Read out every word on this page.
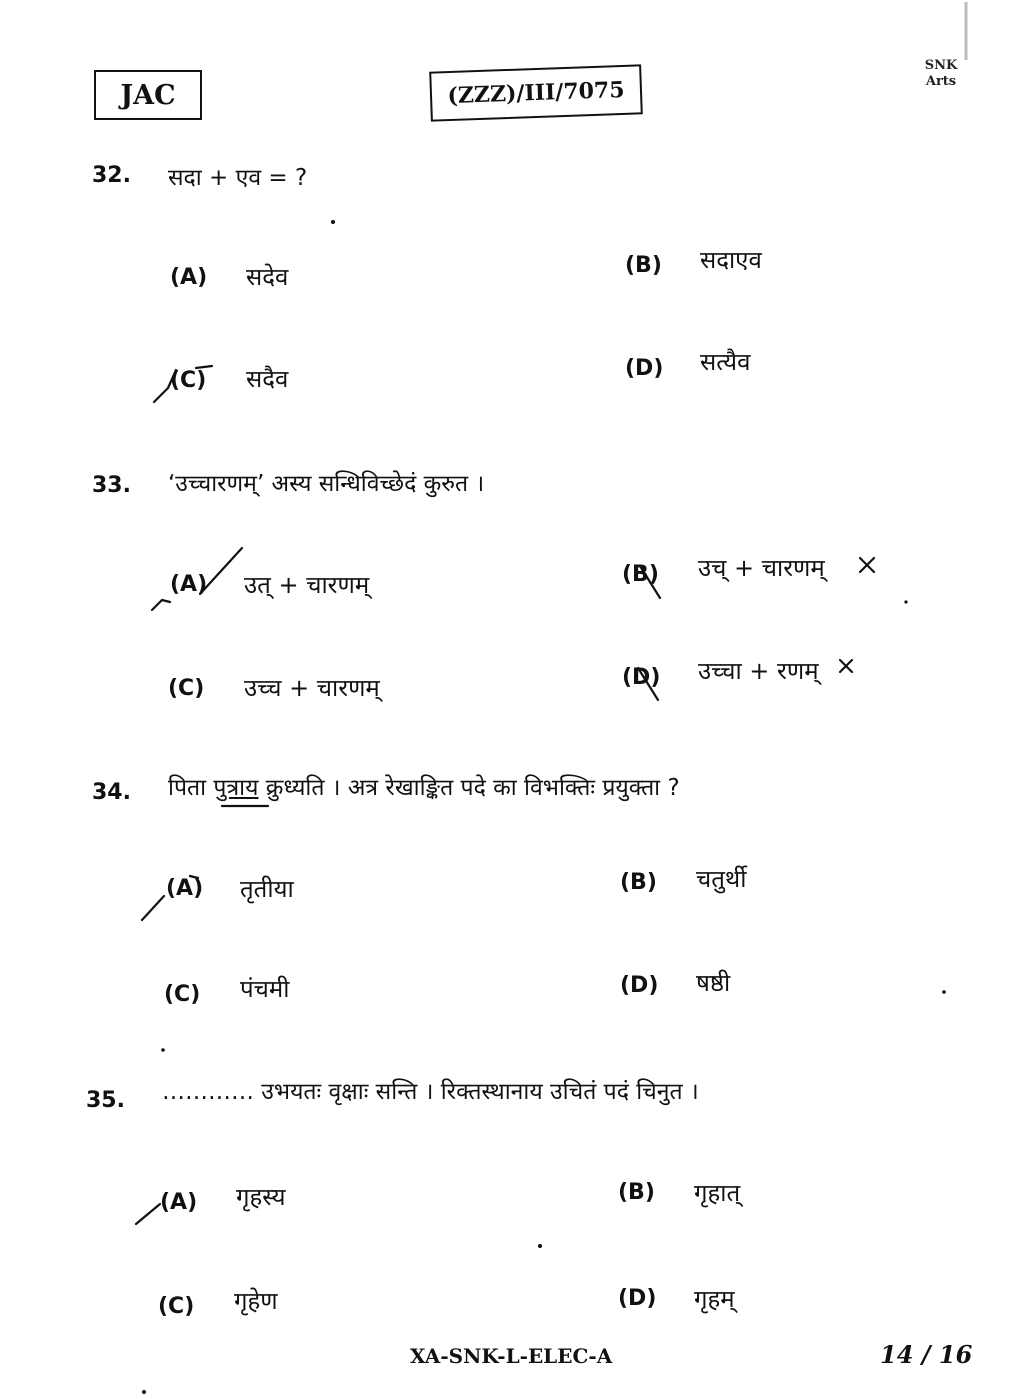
JAC	(ZZZ)/III/7075
SNK
Arts
32. सदा + एव = ?
(A) सदेव	(B) सदाएव
(C) सदैव	(D) सत्यैव
33. ‘उच्चारणम्’ अस्य सन्धिविच्छेदं कुरुत ।
(A) उत् + चारणम्	(B) उच् + चारणम्
(C) उच्च + चारणम्	(D) उच्चा + रणम्
34. पिता पुत्राय क्रुध्यति । अत्र रेखाङ्कित पदे का विभक्तिः प्रयुक्ता ?
(A) तृतीया	(B) चतुर्थी
(C) पंचमी	(D) षष्ठी
35. ………… उभयतः वृक्षाः सन्ति । रिक्तस्थानाय उचितं पदं चिनुत ।
(A) गृहस्य	(B) गृहात्
(C) गृहेण	(D) गृहम्
XA-SNK-L-ELEC-A	14 / 16
